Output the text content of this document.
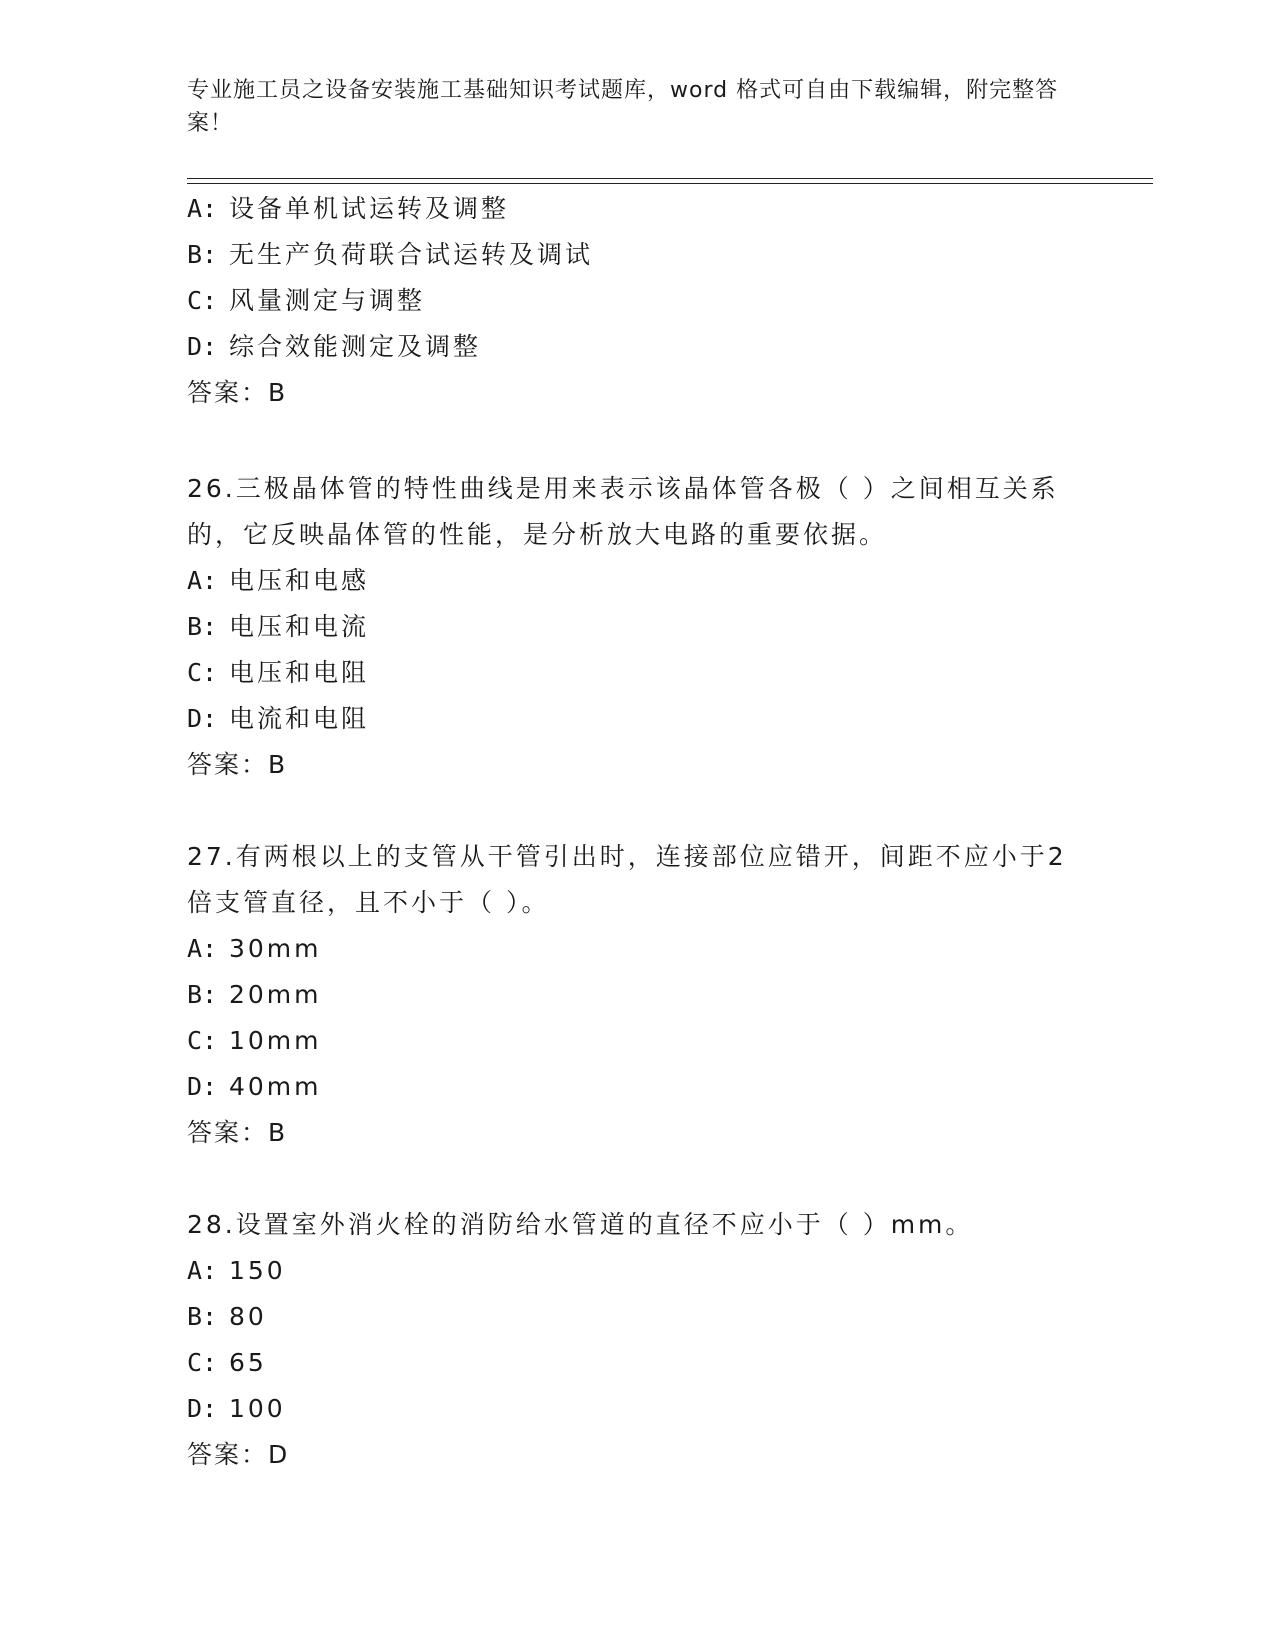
专业施工员之设备安装施工基础知识考试题库，word 格式可自由下载编辑，附完整答案！
A: 设备单机试运转及调整
B: 无生产负荷联合试运转及调试
C: 风量测定与调整
D: 综合效能测定及调整
答案：B

26.三极晶体管的特性曲线是用来表示该晶体管各极（ ）之间相互关系的，它反映晶体管的性能，是分析放大电路的重要依据。

A: 电压和电感
B: 电压和电流
C: 电压和电阻
D: 电流和电阻
答案：B

27.有两根以上的支管从干管引出时，连接部位应错开，间距不应小于2倍支管直径，且不小于（ ）。

A: 30mm
B: 20mm
C: 10mm
D: 40mm
答案：B

28.设置室外消火栓的消防给水管道的直径不应小于（ ）mm。

A: 150
B: 80
C: 65
D: 100
答案：D
